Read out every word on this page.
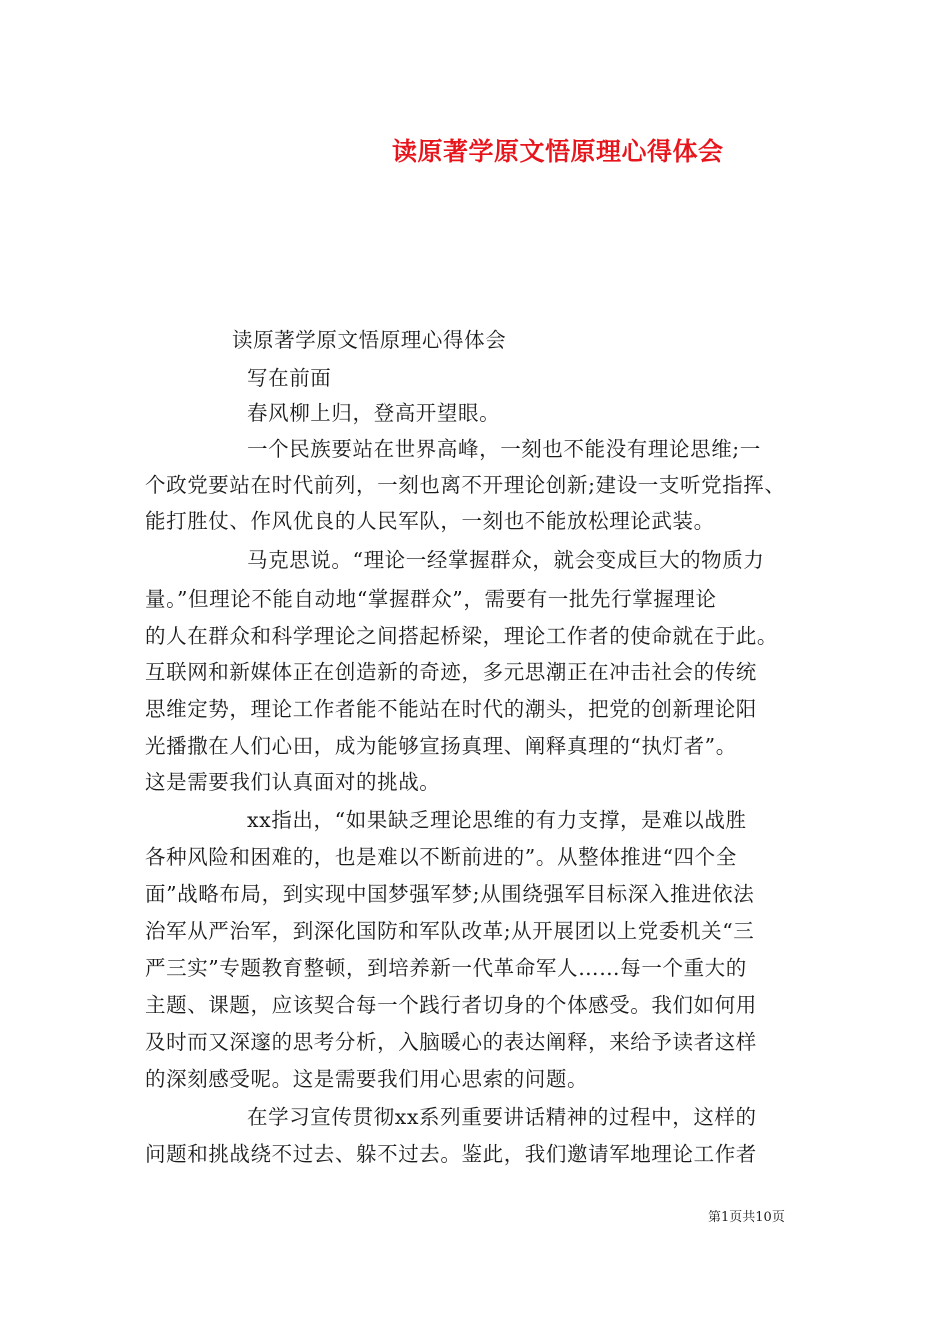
读原著学原文悟原理心得体会
读原著学原文悟原理心得体会
写在前面
春风柳上归，登高开望眼。
一个民族要站在世界高峰，一刻也不能没有理论思维;一
个政党要站在时代前列，一刻也离不开理论创新;建设一支听党指挥、
能打胜仗、作风优良的人民军队，一刻也不能放松理论武装。
马克思说。“理论一经掌握群众，就会变成巨大的物质力
量。”但理论不能自动地“掌握群众”，需要有一批先行掌握理论
的人在群众和科学理论之间搭起桥梁，理论工作者的使命就在于此。
互联网和新媒体正在创造新的奇迹，多元思潮正在冲击社会的传统
思维定势，理论工作者能不能站在时代的潮头，把党的创新理论阳
光播撒在人们心田，成为能够宣扬真理、阐释真理的“执灯者”。
这是需要我们认真面对的挑战。
xx指出，“如果缺乏理论思维的有力支撑，是难以战胜
各种风险和困难的，也是难以不断前进的”。从整体推进“四个全
面”战略布局，到实现中国梦强军梦;从围绕强军目标深入推进依法
治军从严治军，到深化国防和军队改革;从开展团以上党委机关“三
严三实”专题教育整顿，到培养新一代革命军人……每一个重大的
主题、课题，应该契合每一个践行者切身的个体感受。我们如何用
及时而又深邃的思考分析，入脑暖心的表达阐释，来给予读者这样
的深刻感受呢。这是需要我们用心思索的问题。
在学习宣传贯彻xx系列重要讲话精神的过程中，这样的
问题和挑战绕不过去、躲不过去。鉴此，我们邀请军地理论工作者
第1页共10页
